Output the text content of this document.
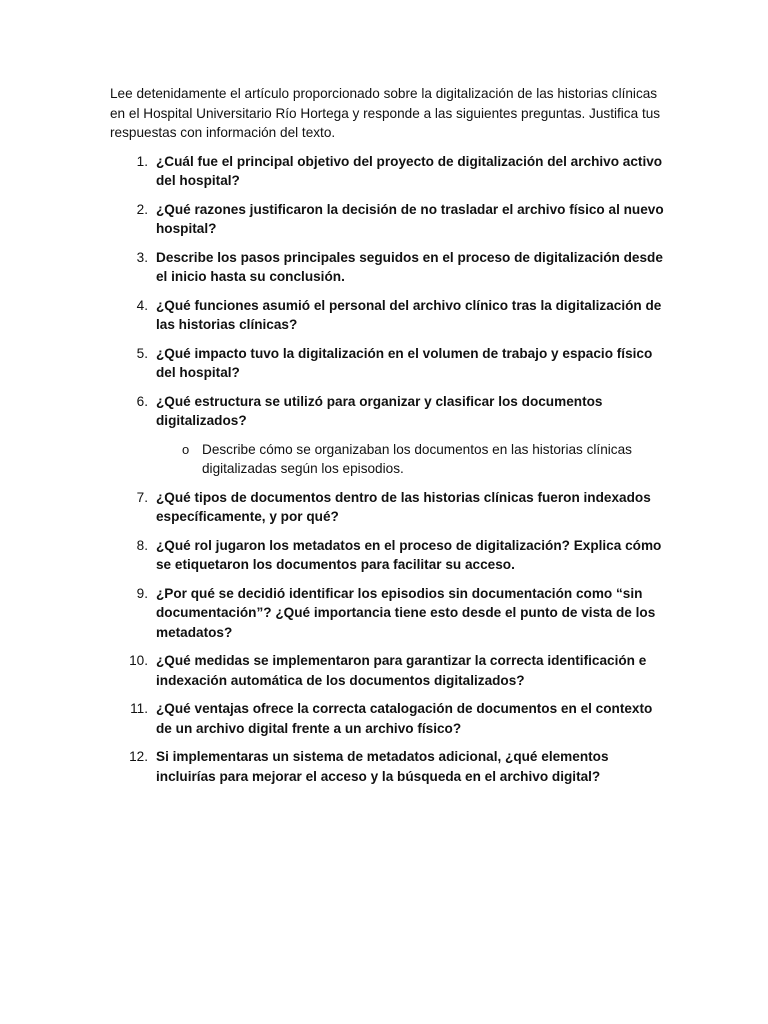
Lee detenidamente el artículo proporcionado sobre la digitalización de las historias clínicas en el Hospital Universitario Río Hortega y responde a las siguientes preguntas. Justifica tus respuestas con información del texto.

1. ¿Cuál fue el principal objetivo del proyecto de digitalización del archivo activo del hospital?
2. ¿Qué razones justificaron la decisión de no trasladar el archivo físico al nuevo hospital?
3. Describe los pasos principales seguidos en el proceso de digitalización desde el inicio hasta su conclusión.
4. ¿Qué funciones asumió el personal del archivo clínico tras la digitalización de las historias clínicas?
5. ¿Qué impacto tuvo la digitalización en el volumen de trabajo y espacio físico del hospital?
6. ¿Qué estructura se utilizó para organizar y clasificar los documentos digitalizados?
o Describe cómo se organizaban los documentos en las historias clínicas digitalizadas según los episodios.
7. ¿Qué tipos de documentos dentro de las historias clínicas fueron indexados específicamente, y por qué?
8. ¿Qué rol jugaron los metadatos en el proceso de digitalización? Explica cómo se etiquetaron los documentos para facilitar su acceso.
9. ¿Por qué se decidió identificar los episodios sin documentación como “sin documentación”? ¿Qué importancia tiene esto desde el punto de vista de los metadatos?
10. ¿Qué medidas se implementaron para garantizar la correcta identificación e indexación automática de los documentos digitalizados?
11. ¿Qué ventajas ofrece la correcta catalogación de documentos en el contexto de un archivo digital frente a un archivo físico?
12. Si implementaras un sistema de metadatos adicional, ¿qué elementos incluirías para mejorar el acceso y la búsqueda en el archivo digital?
